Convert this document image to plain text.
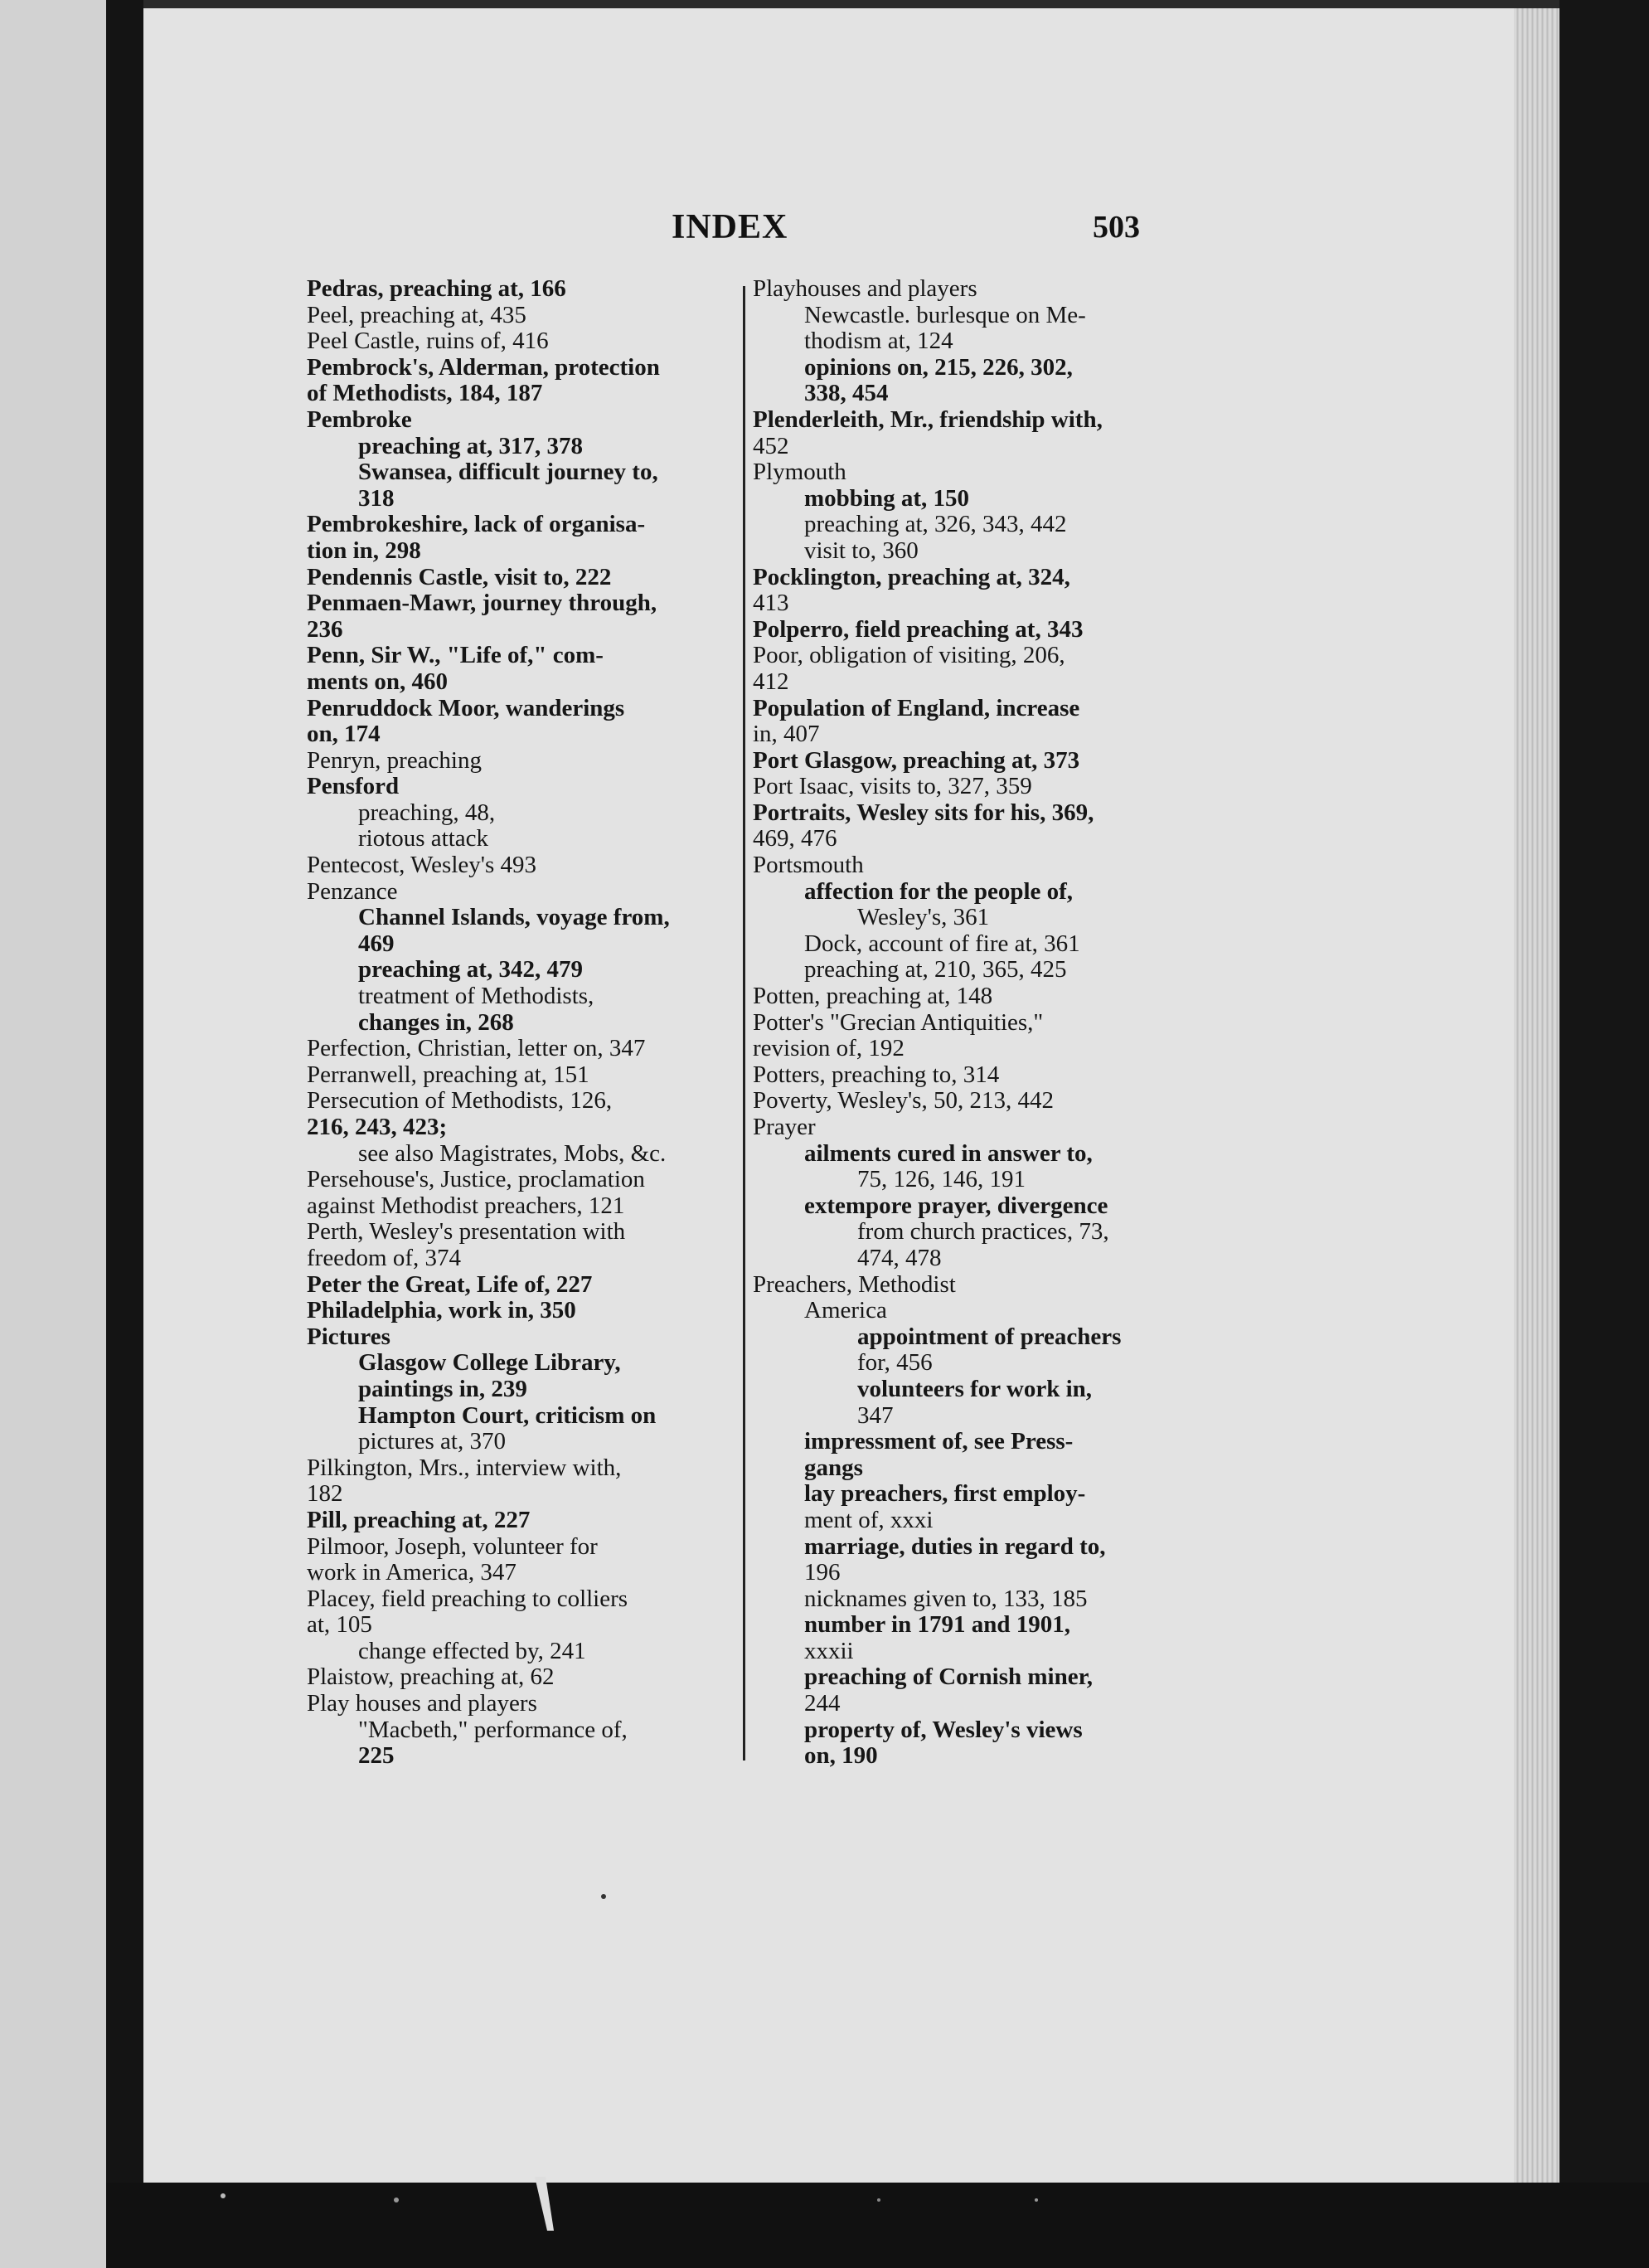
INDEX	503
Pedras, preaching at, 166
Peel, preaching at, 435
Peel Castle, ruins of, 416
Pembrock's, Alderman, protection
of Methodists, 184, 187
Pembroke
preaching at, 317, 378
Swansea, difficult journey to,
318
Pembrokeshire, lack of organisa-
tion in, 298
Pendennis Castle, visit to, 222
Penmaen-Mawr, journey through,
236
Penn, Sir W., "Life of," com-
ments on, 460
Penruddock Moor, wanderings
on, 174
Penryn, preaching
Pensford
preaching, 48,
riotous attack
Pentecost, Wesley's 493
Penzance
Channel Islands, voyage from,
469
preaching at, 342, 479
treatment of Methodists,
changes in, 268
Perfection, Christian, letter on, 347
Perranwell, preaching at, 151
Persecution of Methodists, 126,
216, 243, 423;
see also Magistrates, Mobs, &c.
Persehouse's, Justice, proclamation
against Methodist preachers, 121
Perth, Wesley's presentation with
freedom of, 374
Peter the Great, Life of, 227
Philadelphia, work in, 350
Pictures
Glasgow College Library,
paintings in, 239
Hampton Court, criticism on
pictures at, 370
Pilkington, Mrs., interview with,
182
Pill, preaching at, 227
Pilmoor, Joseph, volunteer for
work in America, 347
Placey, field preaching to colliers
at, 105
change effected by, 241
Plaistow, preaching at, 62
Play houses and players
"Macbeth," performance of,
225
Playhouses and players
Newcastle. burlesque on Me-
thodism at, 124
opinions on, 215, 226, 302,
338, 454
Plenderleith, Mr., friendship with,
452
Plymouth
mobbing at, 150
preaching at, 326, 343, 442
visit to, 360
Pocklington, preaching at, 324,
413
Polperro, field preaching at, 343
Poor, obligation of visiting, 206,
412
Population of England, increase
in, 407
Port Glasgow, preaching at, 373
Port Isaac, visits to, 327, 359
Portraits, Wesley sits for his, 369,
469, 476
Portsmouth
affection for the people of,
Wesley's, 361
Dock, account of fire at, 361
preaching at, 210, 365, 425
Potten, preaching at, 148
Potter's "Grecian Antiquities,"
revision of, 192
Potters, preaching to, 314
Poverty, Wesley's, 50, 213, 442
Prayer
ailments cured in answer to,
75, 126, 146, 191
extempore prayer, divergence
from church practices, 73,
474, 478
Preachers, Methodist
America
appointment of preachers
for, 456
volunteers for work in,
347
impressment of, see Press-
gangs
lay preachers, first employ-
ment of, xxxi
marriage, duties in regard to,
196
nicknames given to, 133, 185
number in 1791 and 1901,
xxxii
preaching of Cornish miner,
244
property of, Wesley's views
on, 190
